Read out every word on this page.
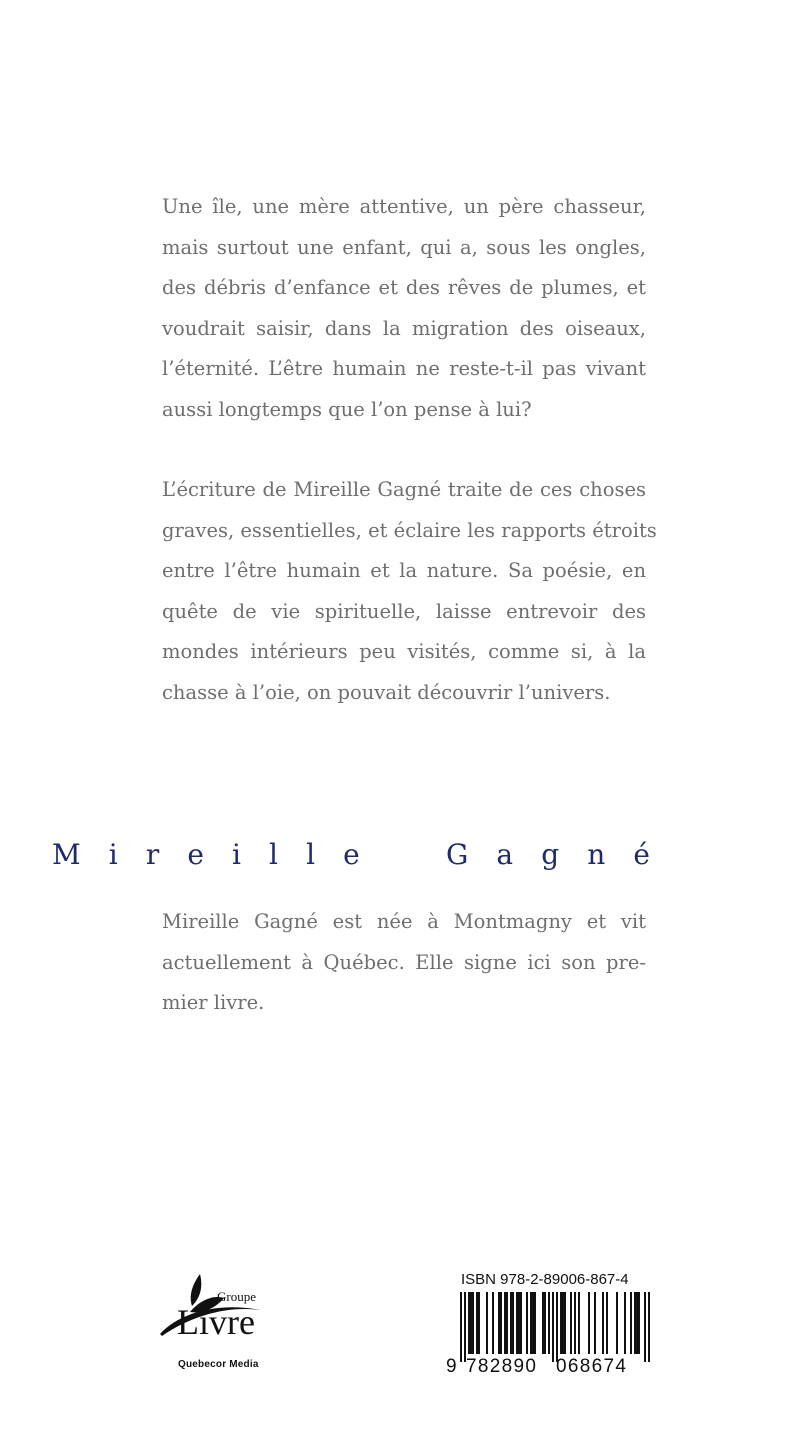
Une île, une mère attentive, un père chasseur,
mais surtout une enfant, qui a, sous les ongles,
des débris d’enfance et des rêves de plumes, et
voudrait saisir, dans la migration des oiseaux,
l’éternité. L’être humain ne reste-t-il pas vivant
aussi longtemps que l’on pense à lui?
L’écriture de Mireille Gagné traite de ces choses
graves, essentielles, et éclaire les rapports étroits
entre l’être humain et la nature. Sa poésie, en
quête de vie spirituelle, laisse entrevoir des
mondes intérieurs peu visités, comme si, à la
chasse à l’oie, on pouvait découvrir l’univers.
M i r e i l l e	G a g n é
Mireille Gagné est née à Montmagny et vit
actuellement à Québec. Elle signe ici son pre-
mier livre.
Groupe
Livre
Quebecor Media
ISBN 978-2-89006-867-4
9 782890 068674
